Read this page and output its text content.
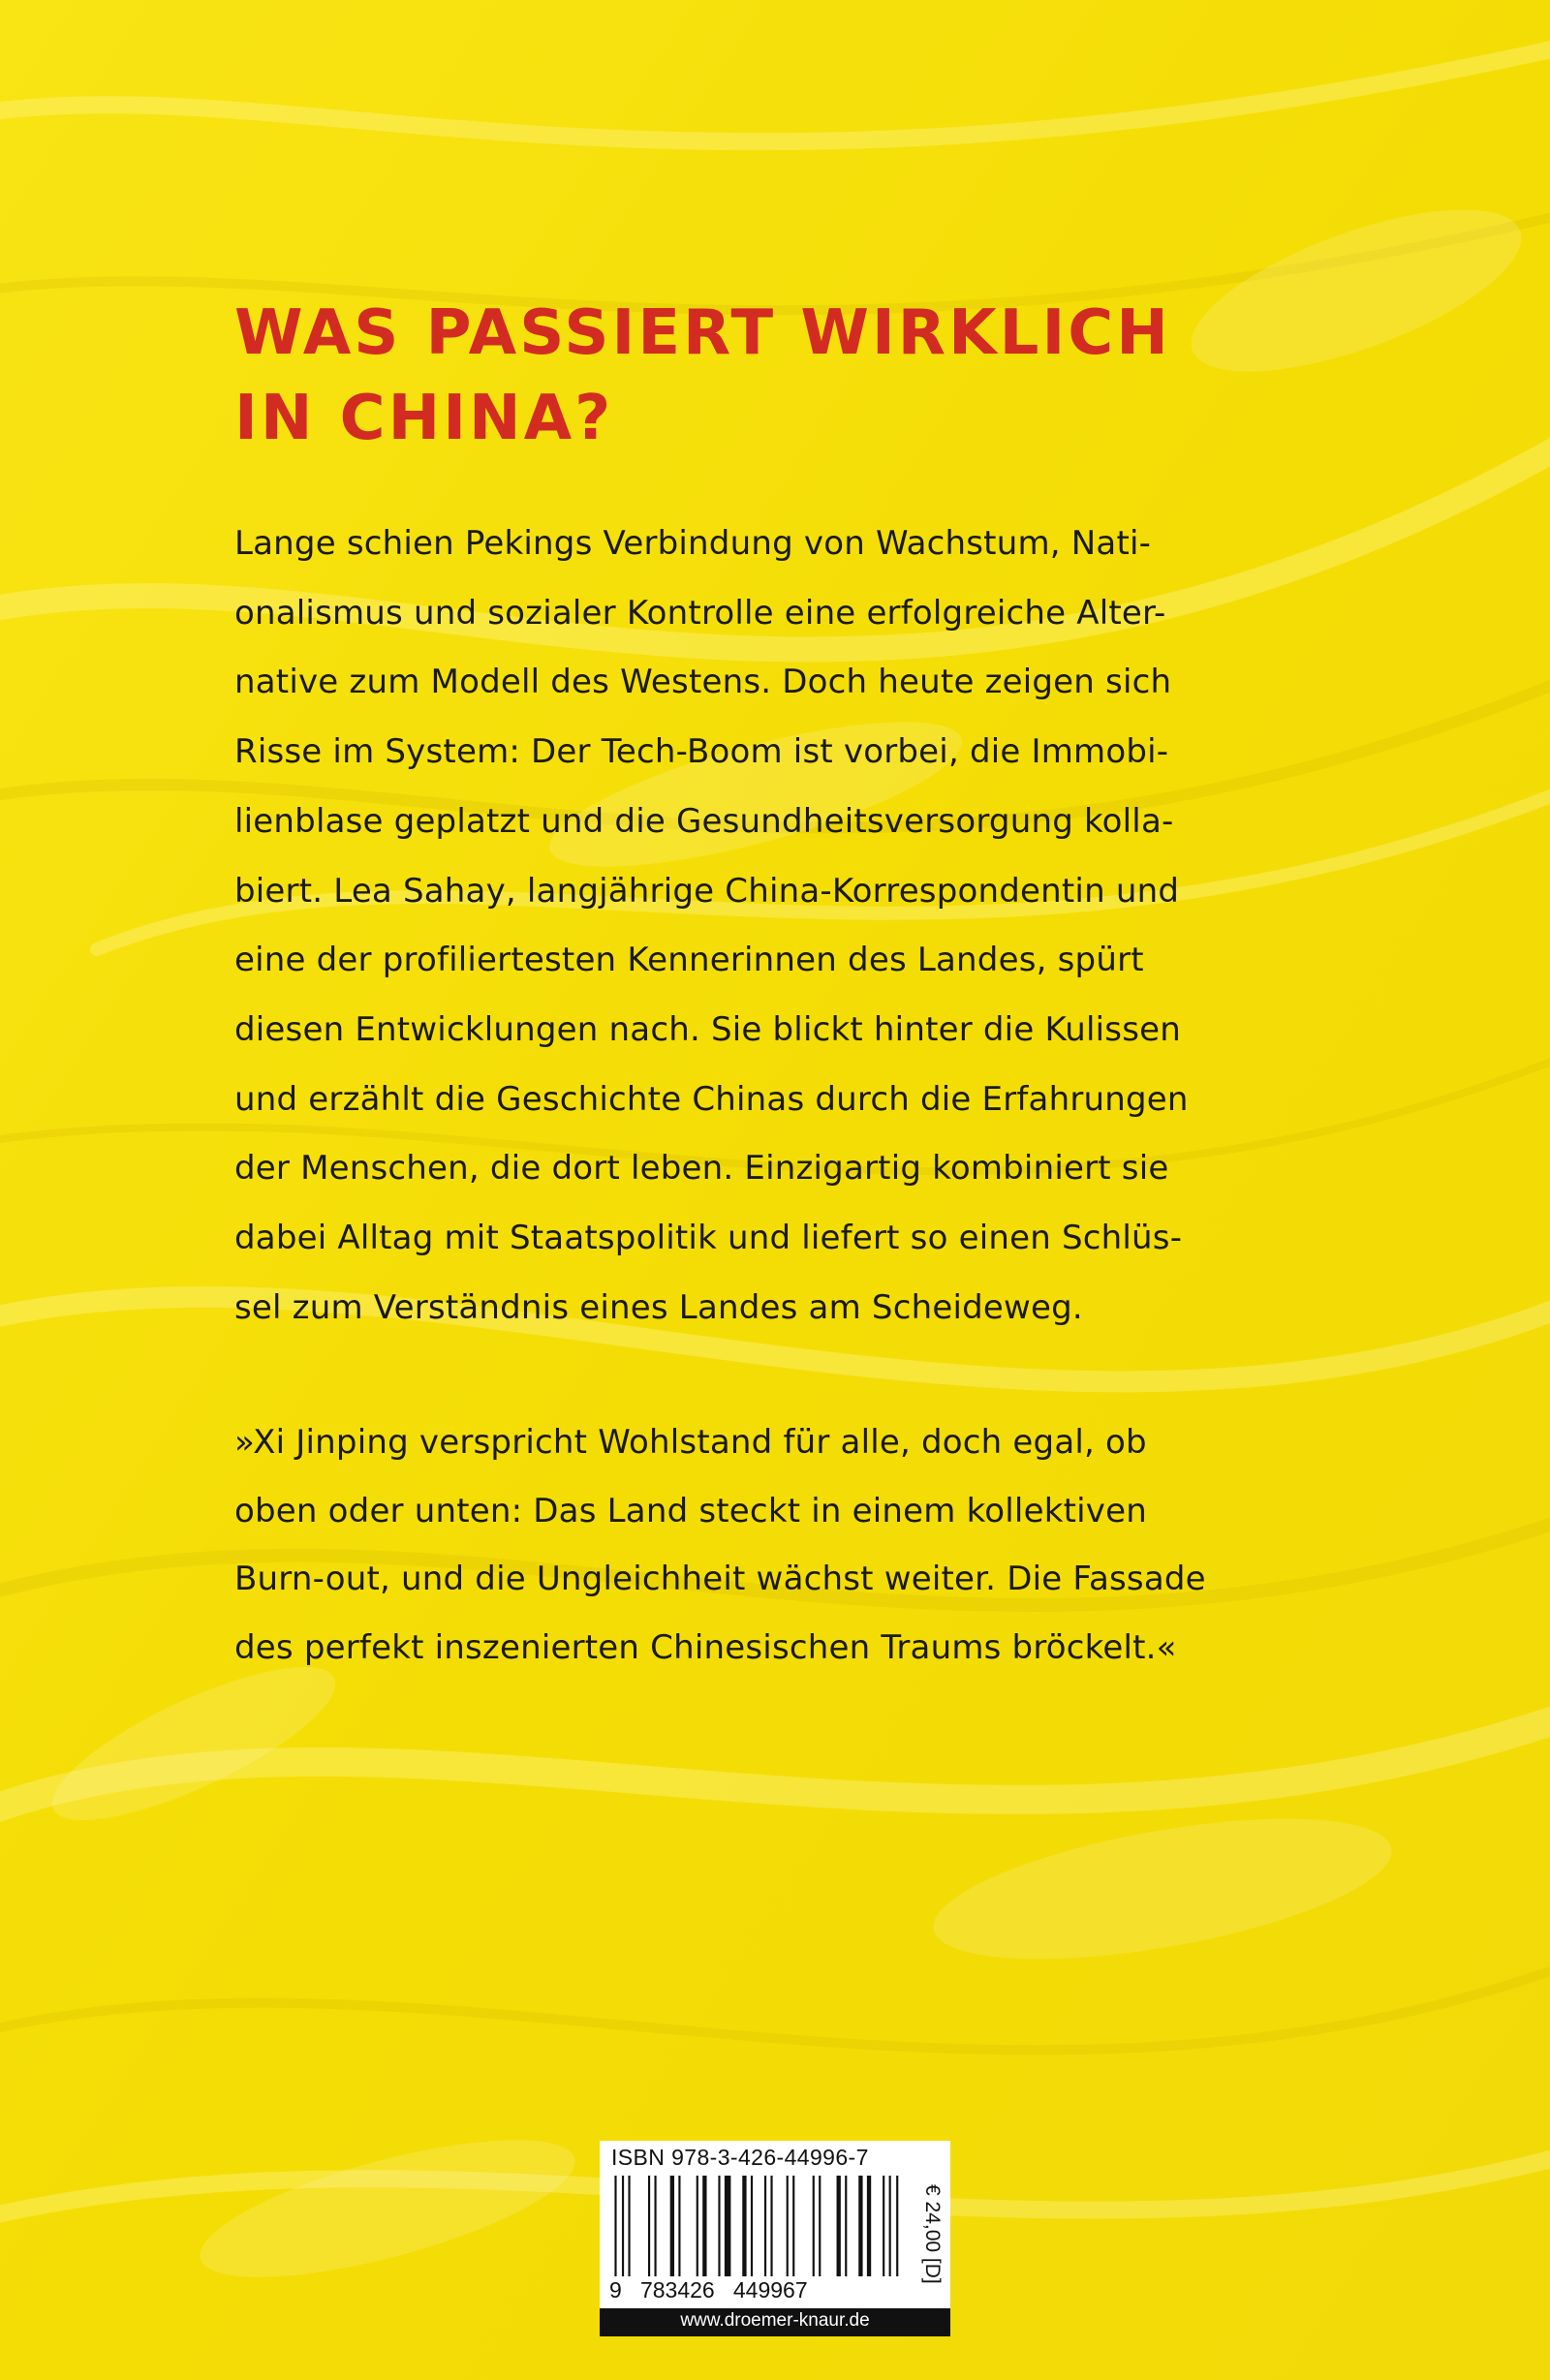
WAS PASSIERT WIRKLICH
IN CHINA?
Lange schien Pekings Verbindung von Wachstum, Nati-
onalismus und sozialer Kontrolle eine erfolgreiche Alter-
native zum Modell des Westens. Doch heute zeigen sich
Risse im System: Der Tech-Boom ist vorbei, die Immobi-
lienblase geplatzt und die Gesundheitsversorgung kolla-
biert. Lea Sahay, langjährige China-Korrespondentin und
eine der profiliertesten Kennerinnen des Landes, spürt
diesen Entwicklungen nach. Sie blickt hinter die Kulissen
und erzählt die Geschichte Chinas durch die Erfahrungen
der Menschen, die dort leben. Einzigartig kombiniert sie
dabei Alltag mit Staatspolitik und liefert so einen Schlüs-
sel zum Verständnis eines Landes am Scheideweg.
»Xi Jinping verspricht Wohlstand für alle, doch egal, ob
oben oder unten: Das Land steckt in einem kollektiven
Burn-out, und die Ungleichheit wächst weiter. Die Fassade
des perfekt inszenierten Chinesischen Traums bröckelt.«
ISBN 978-3-426-44996-7
9   783426   449967
€ 24,00 [D]
www.droemer-knaur.de
